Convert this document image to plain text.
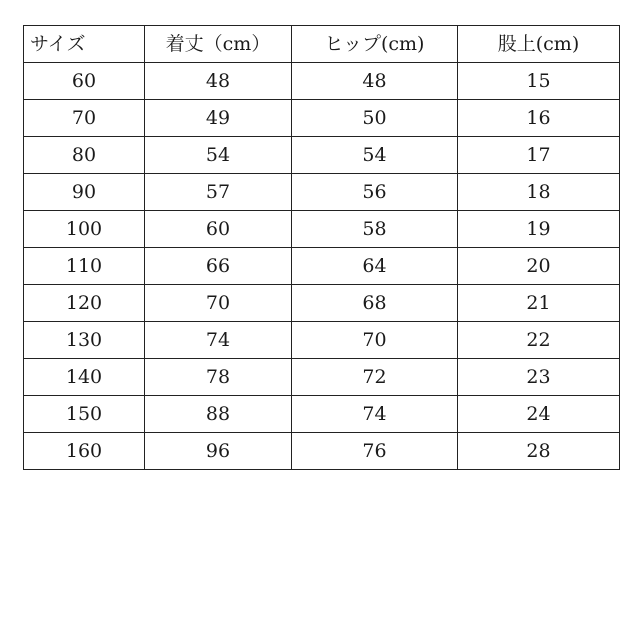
サイズ	着丈（cm）	ヒップ(cm)	股上(cm)
60	48	48	15
70	49	50	16
80	54	54	17
90	57	56	18
100	60	58	19
110	66	64	20
120	70	68	21
130	74	70	22
140	78	72	23
150	88	74	24
160	96	76	28
